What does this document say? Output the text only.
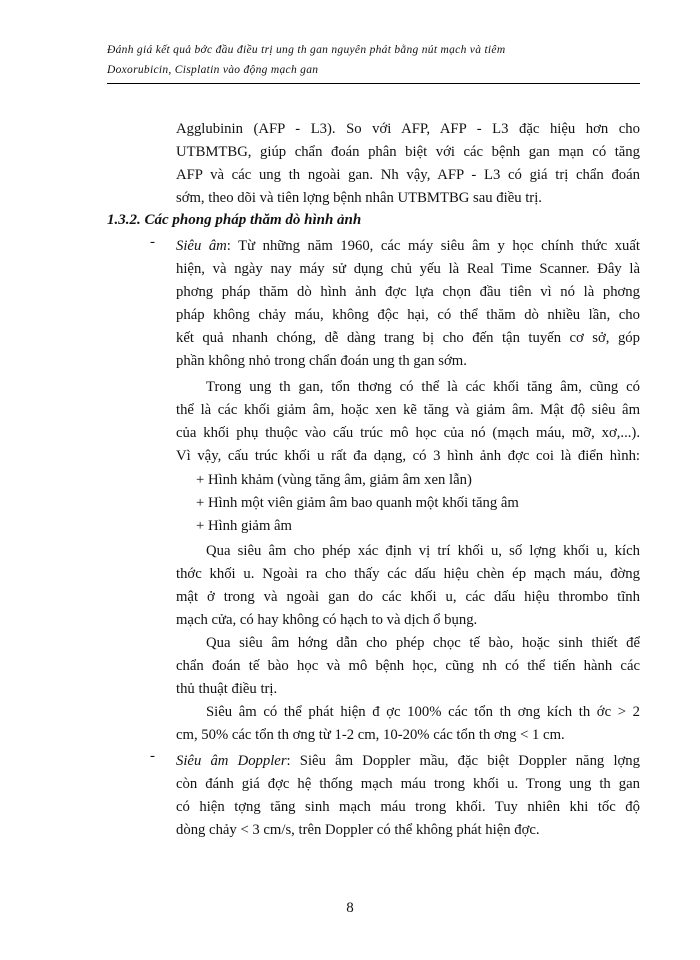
Đánh giá kết quả bớc đầu điều trị ung th gan nguyên phát bằng nút mạch và tiêm
Doxorubicin, Cisplatin vào động mạch gan
Agglubinin (AFP - L3). So với AFP, AFP - L3 đặc hiệu hơn cho
UTBMTBG, giúp chẩn đoán phân biệt với các bệnh gan mạn có tăng
AFP và các ung th ngoài gan. Nh vậy, AFP - L3 có giá trị chẩn đoán
sớm, theo dõi và tiên lợng bệnh nhân UTBMTBG sau điều trị.
1.3.2. Các phong pháp thăm dò hình ảnh
- Siêu âm: Từ những năm 1960, các máy siêu âm y học chính thức xuất
hiện, và ngày nay máy sử dụng chủ yếu là Real Time Scanner. Đây là
phơng pháp thăm dò hình ảnh đợc lựa chọn đầu tiên vì nó là phơng
pháp không chảy máu, không độc hại, có thể thăm dò nhiều lần, cho
kết quả nhanh chóng, dễ dàng trang bị cho đến tận tuyến cơ sở, góp
phần không nhỏ trong chẩn đoán ung th gan sớm.
Trong ung th gan, tổn thơng có thể là các khối tăng âm, cũng có
thể là các khối giảm âm, hoặc xen kẽ tăng và giảm âm. Mật độ siêu âm
của khối phụ thuộc vào cấu trúc mô học của nó (mạch máu, mỡ, xơ,...).
Vì vậy, cấu trúc khối u rất đa dạng, có 3 hình ảnh đợc coi là điển hình:
+ Hình khảm (vùng tăng âm, giảm âm xen lẫn)
+ Hình một viên giảm âm bao quanh một khối tăng âm
+ Hình giảm âm
Qua siêu âm cho phép xác định vị trí khối u, số lợng khối u, kích
thớc khối u. Ngoài ra cho thấy các dấu hiệu chèn ép mạch máu, đờng
mật ở trong và ngoài gan do các khối u, các dấu hiệu thrombo tĩnh
mạch cửa, có hay không có hạch to và dịch ổ bụng.
Qua siêu âm hớng dẫn cho phép chọc tế bào, hoặc sinh thiết để
chẩn đoán tế bào học và mô bệnh học, cũng nh có thể tiến hành các
thủ thuật điều trị.
Siêu âm có thể phát hiện đ ợc 100% các tổn th ơng kích th ớc > 2
cm, 50% các tổn th ơng từ 1-2 cm, 10-20% các tổn th ơng < 1 cm.
- Siêu âm Doppler: Siêu âm Doppler mầu, đặc biệt Doppler năng lợng
còn đánh giá đợc hệ thống mạch máu trong khối u. Trong ung th gan
có hiện tợng tăng sinh mạch máu trong khối. Tuy nhiên khi tốc độ
dòng chảy < 3 cm/s, trên Doppler có thể không phát hiện đợc.
8
